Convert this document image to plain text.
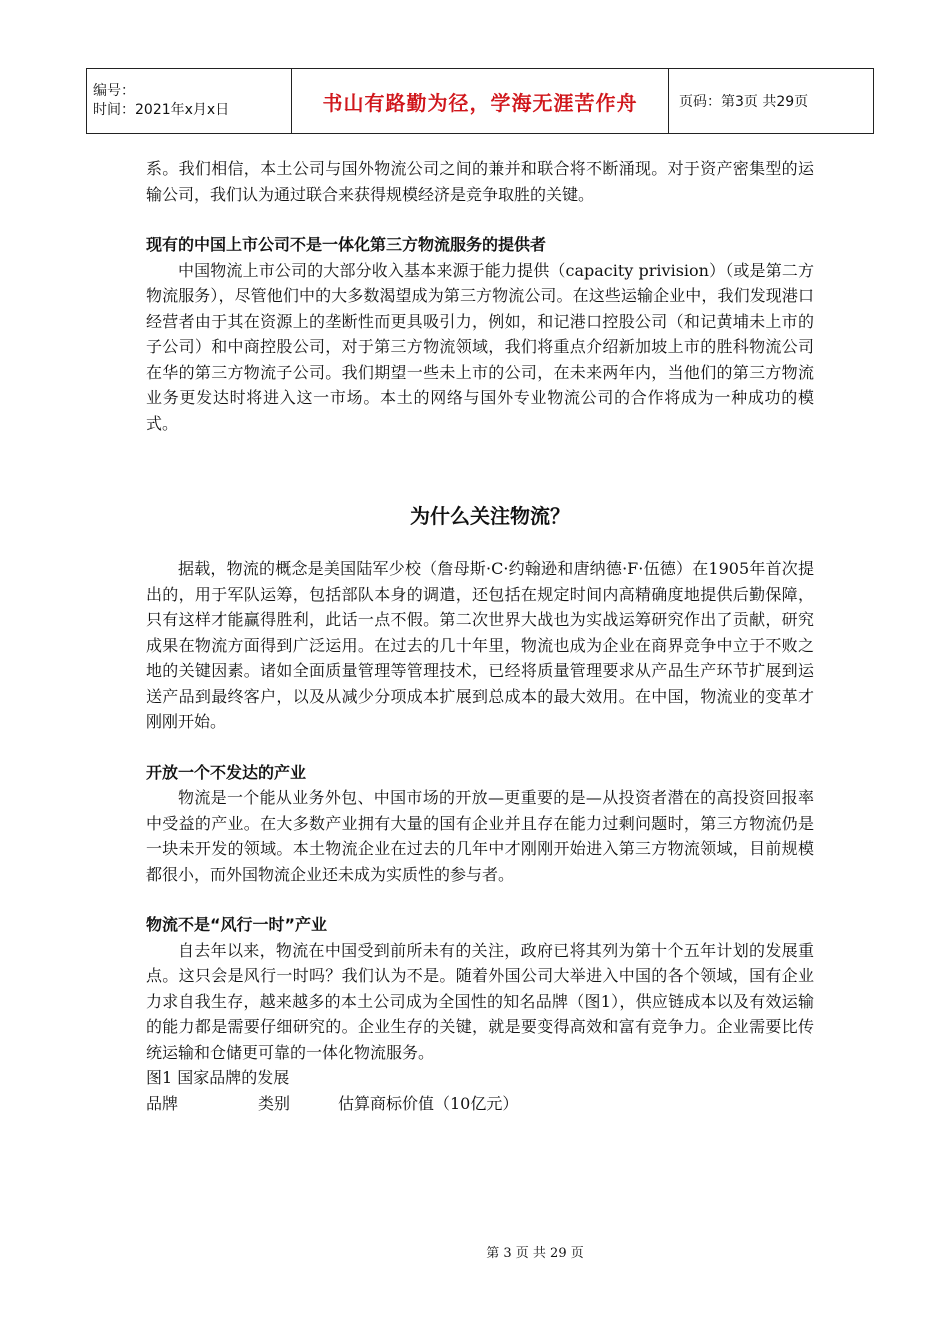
编号：
时间：2021年x月x日	书山有路勤为径，学海无涯苦作舟	页码：第3页 共29页

系。我们相信，本土公司与国外物流公司之间的兼并和联合将不断涌现。对于资产密集型的运输公司，我们认为通过联合来获得规模经济是竞争取胜的关键。

现有的中国上市公司不是一体化第三方物流服务的提供者

中国物流上市公司的大部分收入基本来源于能力提供（capacity privision）（或是第二方物流服务），尽管他们中的大多数渴望成为第三方物流公司。在这些运输企业中，我们发现港口经营者由于其在资源上的垄断性而更具吸引力，例如，和记港口控股公司（和记黄埔未上市的子公司）和中商控股公司，对于第三方物流领域，我们将重点介绍新加坡上市的胜科物流公司在华的第三方物流子公司。我们期望一些未上市的公司，在未来两年内，当他们的第三方物流业务更发达时将进入这一市场。本土的网络与国外专业物流公司的合作将成为一种成功的模式。

为什么关注物流？

据载，物流的概念是美国陆军少校（詹母斯·C·约翰逊和唐纳德·F·伍德）在1905年首次提出的，用于军队运筹，包括部队本身的调遣，还包括在规定时间内高精确度地提供后勤保障，只有这样才能赢得胜利，此话一点不假。第二次世界大战也为实战运筹研究作出了贡献，研究成果在物流方面得到广泛运用。在过去的几十年里，物流也成为企业在商界竞争中立于不败之地的关键因素。诸如全面质量管理等管理技术，已经将质量管理要求从产品生产环节扩展到运送产品到最终客户，以及从减少分项成本扩展到总成本的最大效用。在中国，物流业的变革才刚刚开始。

开放一个不发达的产业

物流是一个能从业务外包、中国市场的开放—更重要的是—从投资者潜在的高投资回报率中受益的产业。在大多数产业拥有大量的国有企业并且存在能力过剩问题时，第三方物流仍是一块未开发的领域。本土物流企业在过去的几年中才刚刚开始进入第三方物流领域，目前规模都很小，而外国物流企业还未成为实质性的参与者。

物流不是“风行一时”产业

自去年以来，物流在中国受到前所未有的关注，政府已将其列为第十个五年计划的发展重点。这只会是风行一时吗？我们认为不是。随着外国公司大举进入中国的各个领域，国有企业力求自我生存，越来越多的本土公司成为全国性的知名品牌（图1），供应链成本以及有效运输的能力都是需要仔细研究的。企业生存的关键，就是要变得高效和富有竞争力。企业需要比传统运输和仓储更可靠的一体化物流服务。

图1 国家品牌的发展

品牌	类别	估算商标价值（10亿元）
第 3 页 共 29 页
